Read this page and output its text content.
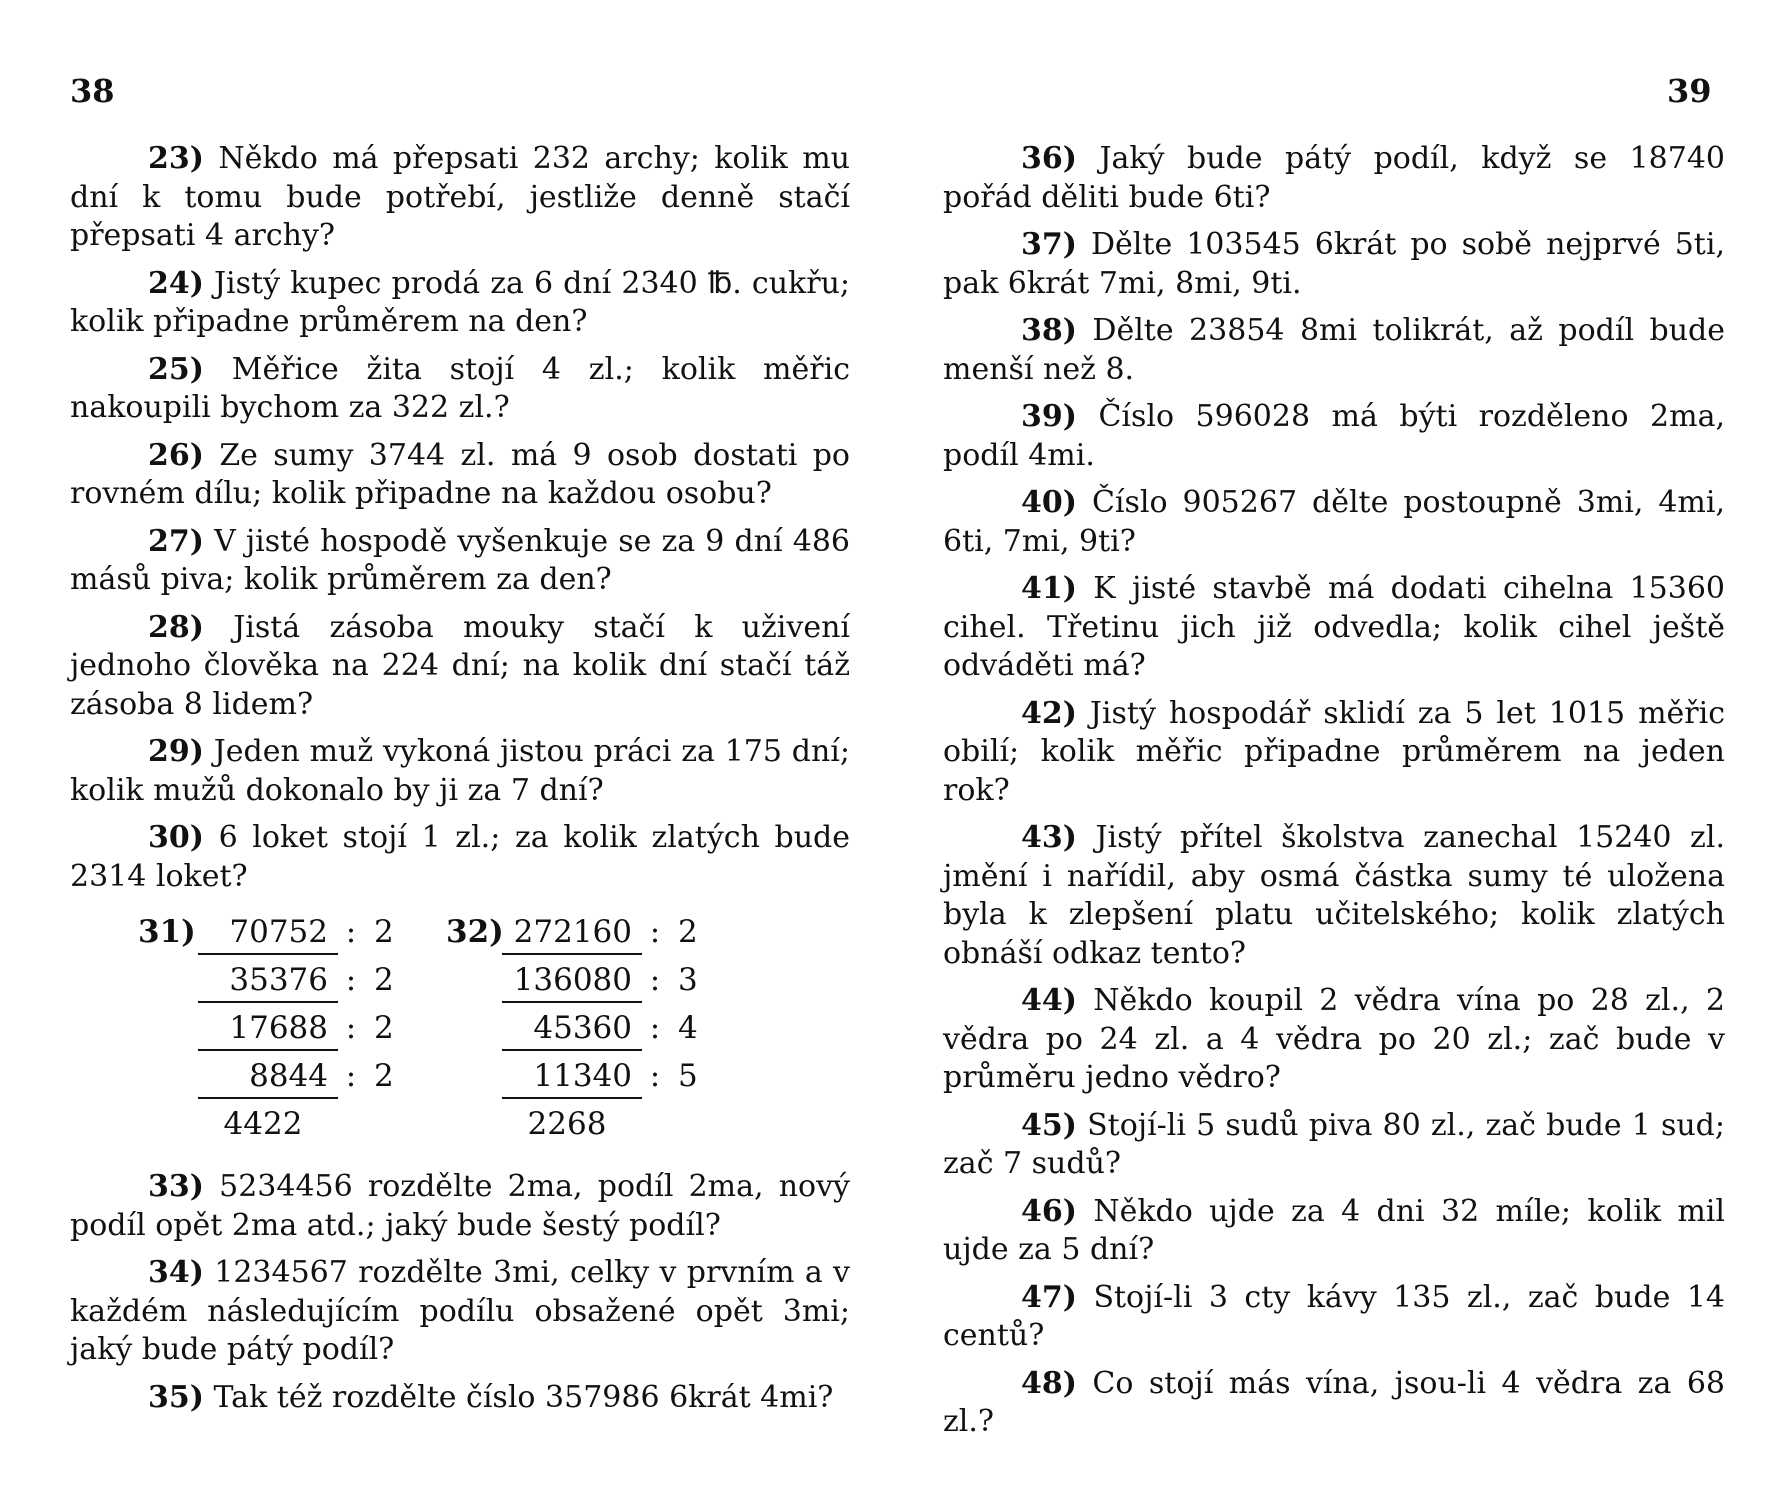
38

23) Někdo má přepsati 232 archy; kolik mu dní k tomu bude potřebí, jestliže denně stačí přepsati 4 archy?

24) Jistý kupec prodá za 6 dní 2340 ℔. cukřu; kolik připadne průměrem na den?

25) Měřice žita stojí 4 zl.; kolik měřic nakoupili bychom za 322 zl.?

26) Ze sumy 3744 zl. má 9 osob dostati po rovném dílu; kolik připadne na každou osobu?

27) V jisté hospodě vyšenkuje se za 9 dní 486 másů piva; kolik průměrem za den?

28) Jistá zásoba mouky stačí k uživení jednoho člověka na 224 dní; na kolik dní stačí táž zásoba 8 lidem?

29) Jeden muž vykoná jistou práci za 175 dní; kolik mužů dokonalo by ji za 7 dní?

30) 6 loket stojí 1 zl.; za kolik zlatých bude 2314 loket?

31)	70752 : 2
35376 : 2
17688 : 2
8844 : 2
4422
32) 272160 : 2
136080 : 3
45360 : 4
11340 : 5
2268

33) 5234456 rozdělte 2ma, podíl 2ma, nový podíl opět 2ma atd.; jaký bude šestý podíl?

34) 1234567 rozdělte 3mi, celky v prvním a v každém následujícím podílu obsažené opět 3mi; jaký bude pátý podíl?

35) Tak též rozdělte číslo 357986 6krát 4mi?

39

36) Jaký bude pátý podíl, když se 18740 pořád děliti bude 6ti?

37) Dělte 103545 6krát po sobě nejprvé 5ti, pak 6krát 7mi, 8mi, 9ti.

38) Dělte 23854 8mi tolikrát, až podíl bude menší než 8.

39) Číslo 596028 má býti rozděleno 2ma, podíl 4mi.

40) Číslo 905267 dělte postoupně 3mi, 4mi, 6ti, 7mi, 9ti?

41) K jisté stavbě má dodati cihelna 15360 cihel. Třetinu jich již odvedla; kolik cihel ještě odváděti má?

42) Jistý hospodář sklidí za 5 let 1015 měřic obilí; kolik měřic připadne průměrem na jeden rok?

43) Jistý přítel školstva zanechal 15240 zl. jmění i nařídil, aby osmá částka sumy té uložena byla k zlepšení platu učitelského; kolik zlatých obnáší odkaz tento?

44) Někdo koupil 2 vědra vína po 28 zl., 2 vědra po 24 zl. a 4 vědra po 20 zl.; zač bude v průměru jedno vědro?

45) Stojí-li 5 sudů piva 80 zl., zač bude 1 sud; zač 7 sudů?

46) Někdo ujde za 4 dni 32 míle; kolik mil ujde za 5 dní?

47) Stojí-li 3 cty kávy 135 zl., zač bude 14 centů?

48) Co stojí más vína, jsou-li 4 vědra za 68 zl.?
